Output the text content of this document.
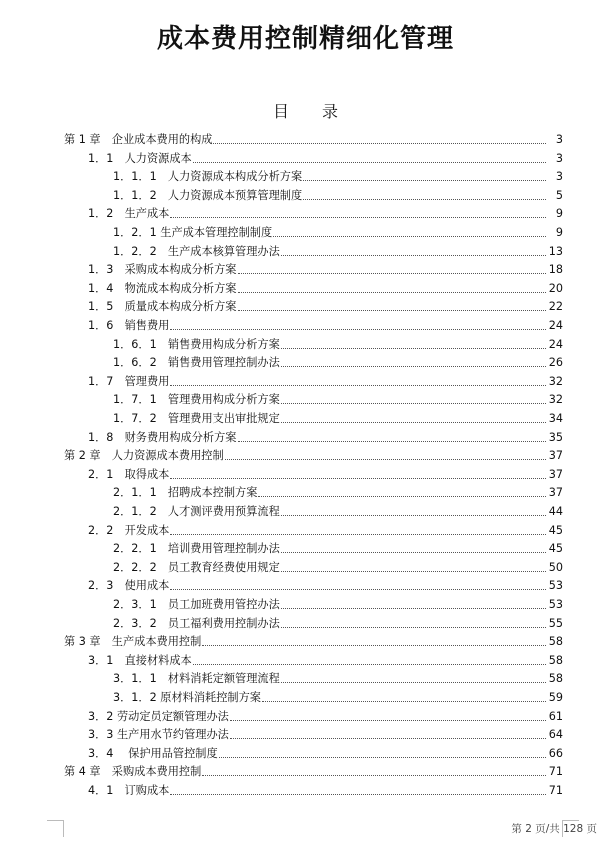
成本费用控制精细化管理
目 录
第 1 章　企业成本费用的构成	3
1．1　人力资源成本	3
1．1．1　人力资源成本构成分析方案	3
1．1．2　人力资源成本预算管理制度	5
1．2　生产成本	9
1．2．1 生产成本管理控制制度	9
1．2．2　生产成本核算管理办法	13
1．3　采购成本构成分析方案	18
1．4　物流成本构成分析方案	20
1．5　质量成本构成分析方案	22
1．6　销售费用	24
1．6．1　销售费用构成分析方案	24
1．6．2　销售费用管理控制办法	26
1．7　管理费用	32
1．7．1　管理费用构成分析方案	32
1．7．2　管理费用支出审批规定	34
1．8　财务费用构成分析方案	35
第 2 章　人力资源成本费用控制	37
2．1　取得成本	37
2．1．1　招聘成本控制方案	37
2．1．2　人才测评费用预算流程	44
2．2　开发成本	45
2．2．1　培训费用管理控制办法	45
2．2．2　员工教育经费使用规定	50
2．3　使用成本	53
2．3．1　员工加班费用管控办法	53
2．3．2　员工福利费用控制办法	55
第 3 章　生产成本费用控制	58
3．1　直接材料成本	58
3．1．1　材料消耗定额管理流程	58
3．1．2 原材料消耗控制方案	59
3．2 劳动定员定额管理办法	61
3．3 生产用水节约管理办法	64
3．4　 保护用品管控制度	66
第 4 章　采购成本费用控制	71
4．1　订购成本	71
第 2 页/共 128 页
